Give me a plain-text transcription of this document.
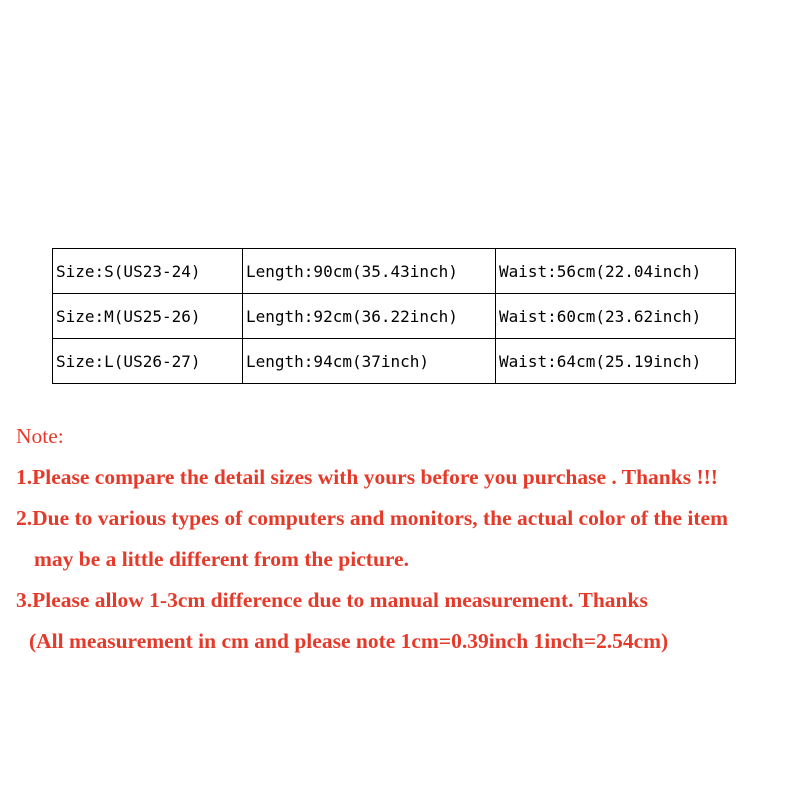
Size:S(US23-24)	Length:90cm(35.43inch)	Waist:56cm(22.04inch)
Size:M(US25-26)	Length:92cm(36.22inch)	Waist:60cm(23.62inch)
Size:L(US26-27)	Length:94cm(37inch)	Waist:64cm(25.19inch)
Note:
1.Please compare the detail sizes with yours before you purchase . Thanks !!!
2.Due to various types of computers and monitors, the actual color of the item
may be a little different from the picture.
3.Please allow 1-3cm difference due to manual measurement. Thanks
(All measurement in cm and please note 1cm=0.39inch 1inch=2.54cm)
